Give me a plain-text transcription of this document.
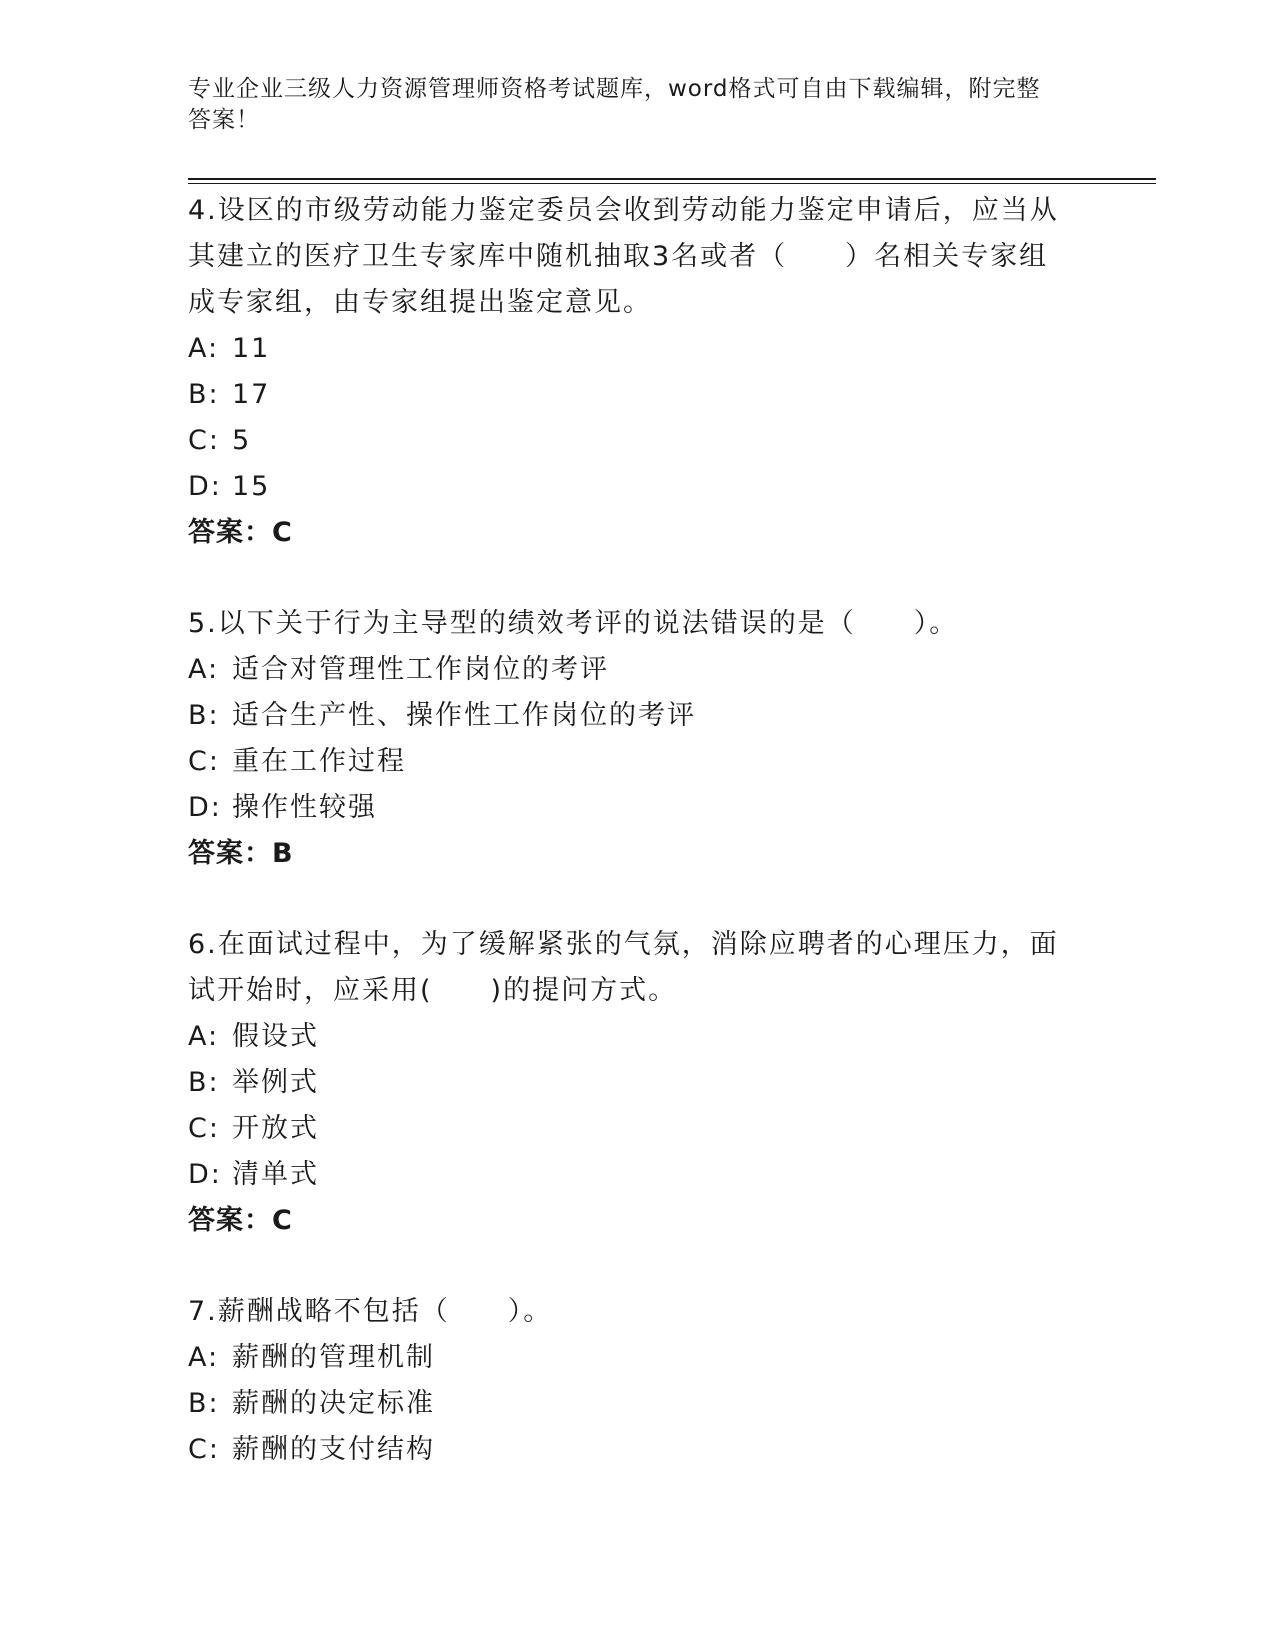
专业企业三级人力资源管理师资格考试题库，word格式可自由下载编辑，附完整
答案！

4.设区的市级劳动能力鉴定委员会收到劳动能力鉴定申请后，应当从

其建立的医疗卫生专家库中随机抽取3名或者（　　）名相关专家组

成专家组，由专家组提出鉴定意见。

A: 11
B: 17
C: 5
D: 15
答案：C

5.以下关于行为主导型的绩效考评的说法错误的是（　　）。

A: 适合对管理性工作岗位的考评
B: 适合生产性、操作性工作岗位的考评
C: 重在工作过程
D: 操作性较强
答案：B

6.在面试过程中，为了缓解紧张的气氛，消除应聘者的心理压力，面

试开始时，应采用(　　)的提问方式。

A: 假设式
B: 举例式
C: 开放式
D: 清单式
答案：C

7.薪酬战略不包括（　　）。

A: 薪酬的管理机制
B: 薪酬的决定标准
C: 薪酬的支付结构
